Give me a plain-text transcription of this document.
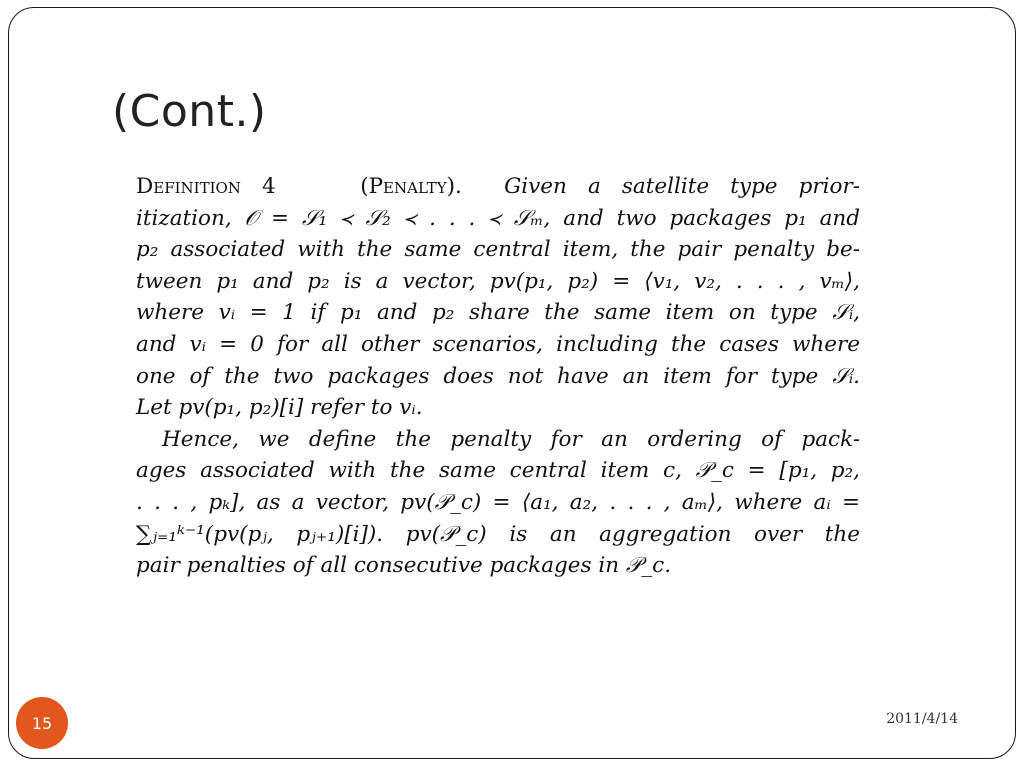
(Cont.)
Definition 4	(Penalty). Given a satellite type prior-
itization, 𝒪 = 𝒮₁ ≺ 𝒮₂ ≺ . . . ≺ 𝒮ₘ, and two packages p₁ and
p₂ associated with the same central item, the pair penalty be-
tween p₁ and p₂ is a vector, pv(p₁, p₂) = ⟨v₁, v₂, . . . , vₘ⟩,
where vᵢ = 1 if p₁ and p₂ share the same item on type 𝒮ᵢ,
and vᵢ = 0 for all other scenarios, including the cases where
one of the two packages does not have an item for type 𝒮ᵢ.
Let pv(p₁, p₂)[i] refer to vᵢ.
Hence, we define the penalty for an ordering of pack-
ages associated with the same central item c, 𝒫_c = [p₁, p₂,
. . . , pₖ], as a vector, pv(𝒫_c) = ⟨a₁, a₂, . . . , aₘ⟩, where aᵢ =
∑ⱼ₌₁ᵏ⁻¹(pv(pⱼ, pⱼ₊₁)[i]). pv(𝒫_c) is an aggregation over the
pair penalties of all consecutive packages in 𝒫_c.
15	2011/4/14
